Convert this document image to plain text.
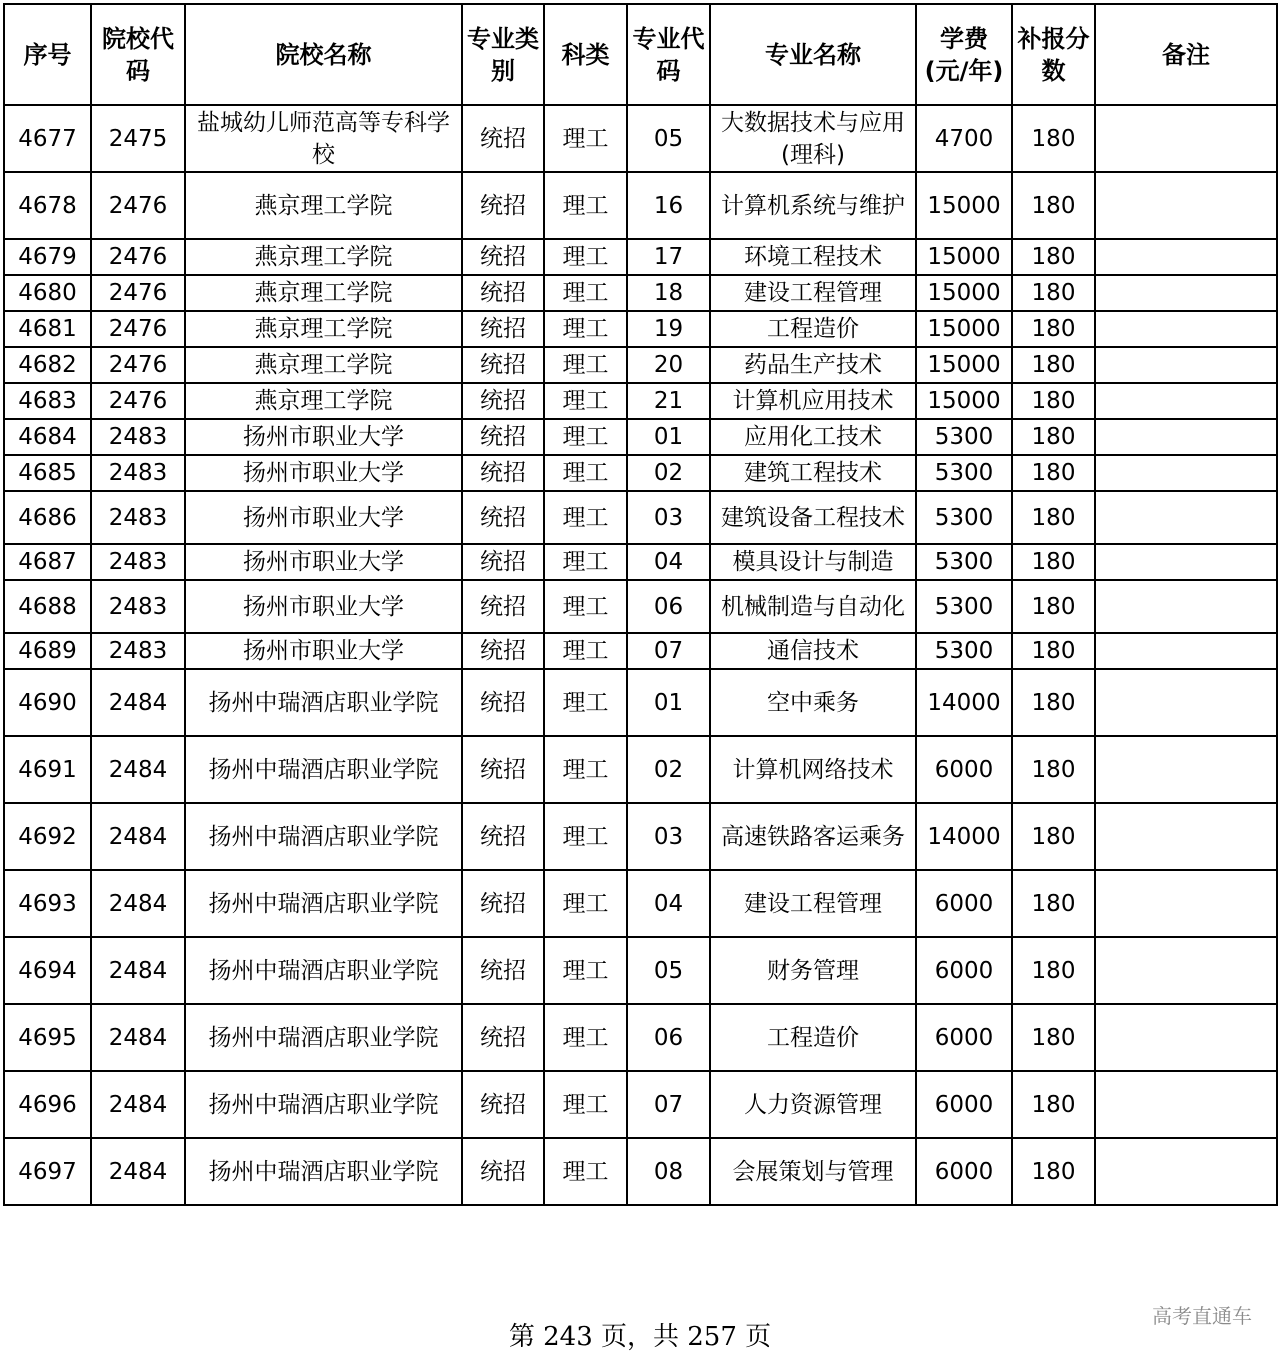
序号	院校代码	院校名称	专业类别	科类	专业代码	专业名称	学费(元/年)	补报分数	备注
4677	2475	盐城幼儿师范高等专科学校	统招	理工	05	大数据技术与应用(理科)	4700	180	
4678	2476	燕京理工学院	统招	理工	16	计算机系统与维护	15000	180	
4679	2476	燕京理工学院	统招	理工	17	环境工程技术	15000	180	
4680	2476	燕京理工学院	统招	理工	18	建设工程管理	15000	180	
4681	2476	燕京理工学院	统招	理工	19	工程造价	15000	180	
4682	2476	燕京理工学院	统招	理工	20	药品生产技术	15000	180	
4683	2476	燕京理工学院	统招	理工	21	计算机应用技术	15000	180	
4684	2483	扬州市职业大学	统招	理工	01	应用化工技术	5300	180	
4685	2483	扬州市职业大学	统招	理工	02	建筑工程技术	5300	180	
4686	2483	扬州市职业大学	统招	理工	03	建筑设备工程技术	5300	180	
4687	2483	扬州市职业大学	统招	理工	04	模具设计与制造	5300	180	
4688	2483	扬州市职业大学	统招	理工	06	机械制造与自动化	5300	180	
4689	2483	扬州市职业大学	统招	理工	07	通信技术	5300	180	
4690	2484	扬州中瑞酒店职业学院	统招	理工	01	空中乘务	14000	180	
4691	2484	扬州中瑞酒店职业学院	统招	理工	02	计算机网络技术	6000	180	
4692	2484	扬州中瑞酒店职业学院	统招	理工	03	高速铁路客运乘务	14000	180	
4693	2484	扬州中瑞酒店职业学院	统招	理工	04	建设工程管理	6000	180	
4694	2484	扬州中瑞酒店职业学院	统招	理工	05	财务管理	6000	180	
4695	2484	扬州中瑞酒店职业学院	统招	理工	06	工程造价	6000	180	
4696	2484	扬州中瑞酒店职业学院	统招	理工	07	人力资源管理	6000	180	
4697	2484	扬州中瑞酒店职业学院	统招	理工	08	会展策划与管理	6000	180	
第 243 页，共 257 页
高考直通车
